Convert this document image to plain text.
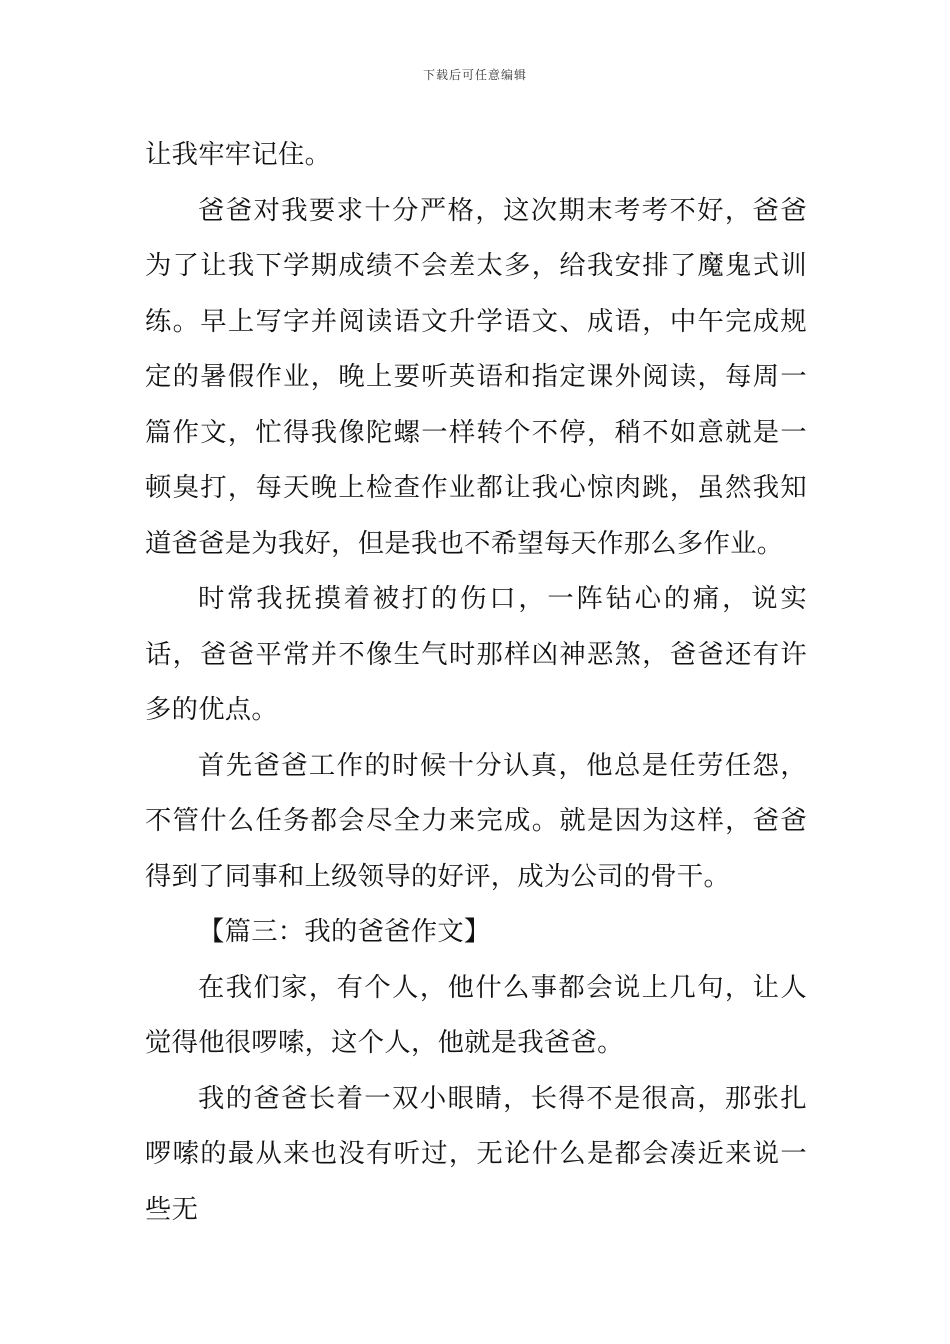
下载后可任意编辑

让我牢牢记住。

爸爸对我要求十分严格，这次期末考考不好，爸爸为了让我下学期成绩不会差太多，给我安排了魔鬼式训练。早上写字并阅读语文升学语文、成语，中午完成规定的暑假作业，晚上要听英语和指定课外阅读，每周一篇作文，忙得我像陀螺一样转个不停，稍不如意就是一顿臭打，每天晚上检查作业都让我心惊肉跳，虽然我知道爸爸是为我好，但是我也不希望每天作那么多作业。

时常我抚摸着被打的伤口，一阵钻心的痛，说实话，爸爸平常并不像生气时那样凶神恶煞，爸爸还有许多的优点。

首先爸爸工作的时候十分认真，他总是任劳任怨，不管什么任务都会尽全力来完成。就是因为这样，爸爸得到了同事和上级领导的好评，成为公司的骨干。

【篇三：我的爸爸作文】

在我们家，有个人，他什么事都会说上几句，让人觉得他很啰嗦，这个人，他就是我爸爸。

我的爸爸长着一双小眼睛，长得不是很高，那张扎啰嗦的最从来也没有听过，无论什么是都会凑近来说一些无
